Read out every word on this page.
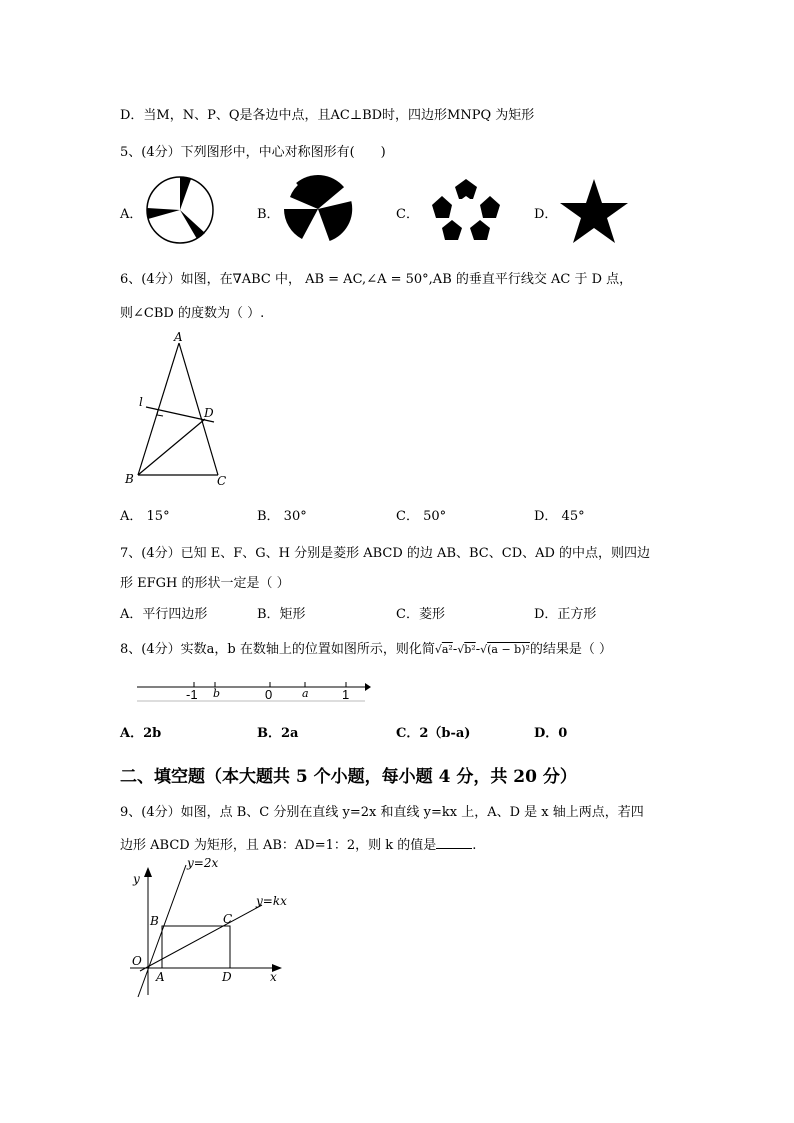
D．当M，N、P、Q是各边中点，且AC⊥BD时，四边形MNPQ 为矩形
5、(4分）下列图形中，中心对称图形有(　　)
A．	B．	C．	D．
6、(4分）如图，在∇ABC 中， AB = AC,∠A = 50°,AB 的垂直平行线交 AC 于 D 点，
则∠CBD 的度数为（ ）.
A
B	C
D
l
A． 15°	B． 30°	C． 50°	D． 45°
7、(4分）已知 E、F、G、H 分别是菱形 ABCD 的边 AB、BC、CD、AD 的中点，则四边
形 EFGH 的形状一定是（ ）
A．平行四边形	B．矩形	C．菱形	D．正方形
8、(4分）实数a，b 在数轴上的位置如图所示，则化简√a²-√b²-√(a − b)²的结果是（ ）
-1 b	0	a	1
A．2b	B．2a	C．2（b-a)	D．0
二、填空题（本大题共 5 个小题，每小题 4 分，共 20 分）
9、(4分）如图，点 B、C 分别在直线 y=2x 和直线 y=kx 上，A、D 是 x 轴上两点，若四
边形 ABCD 为矩形，且 AB：AD=1：2，则 k 的值是	.
y=2x
y=kx
y
x
O
A
B	C
D
